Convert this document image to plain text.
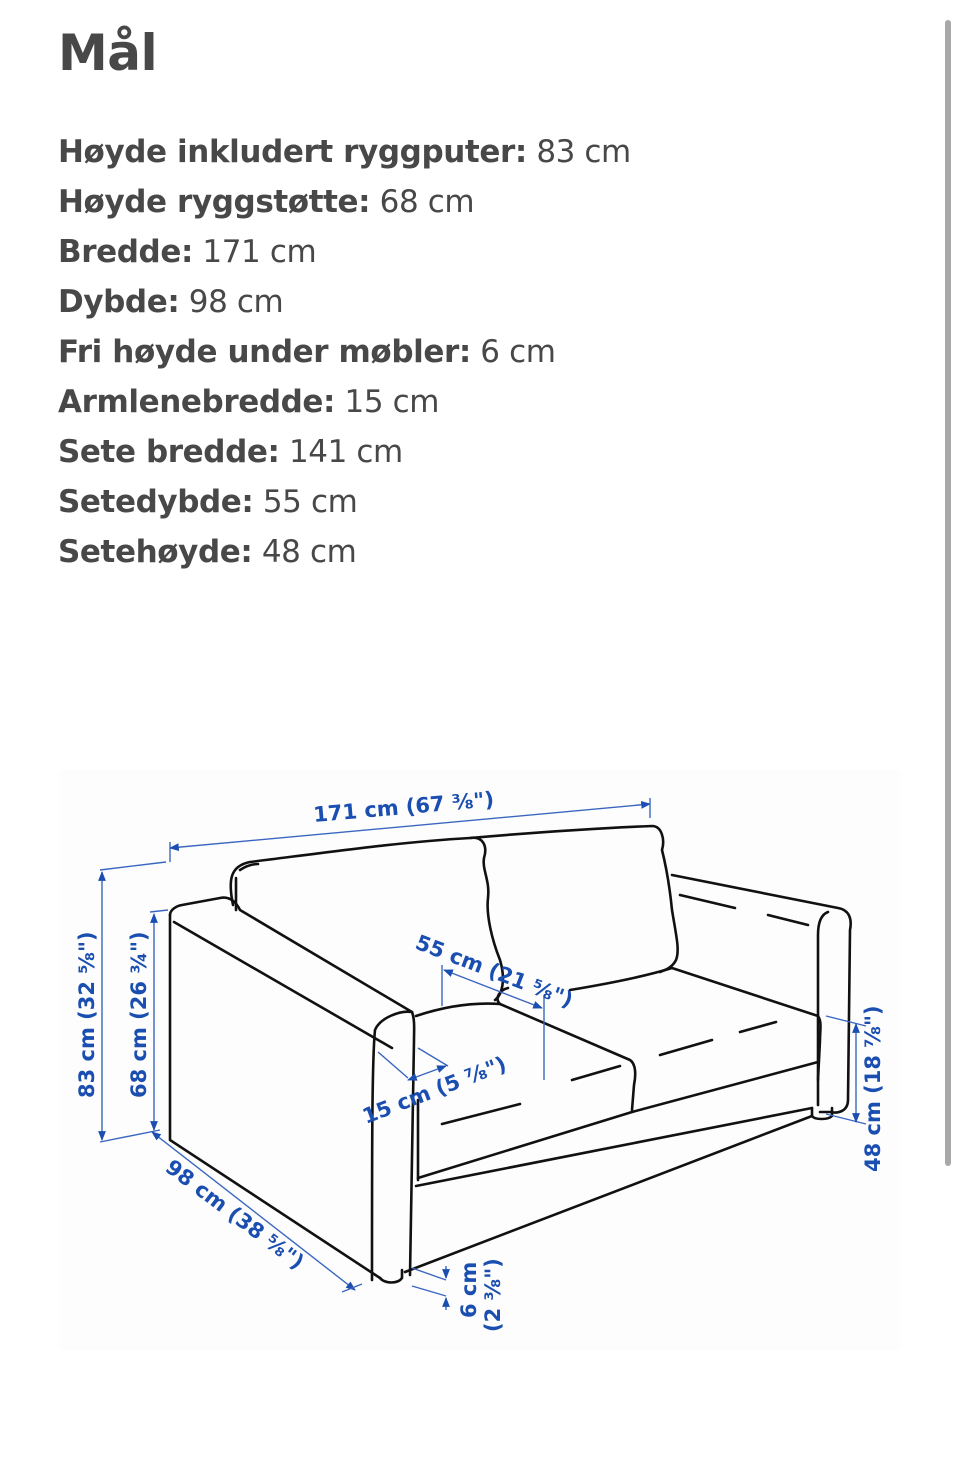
Mål
Høyde inkludert ryggputer: 83 cm
Høyde ryggstøtte: 68 cm
Bredde: 171 cm
Dybde: 98 cm
Fri høyde under møbler: 6 cm
Armlenebredde: 15 cm
Sete bredde: 141 cm
Setedybde: 55 cm
Setehøyde: 48 cm
171 cm (67 ⅜")
83 cm (32 ⅝") 68 cm (26 ¾")	55 cm (21 ⅝")
15 cm (5 ⅞")	48 cm (18 ⅞")
98 cm (38 ⅝")
6 cm (2 ⅜")
